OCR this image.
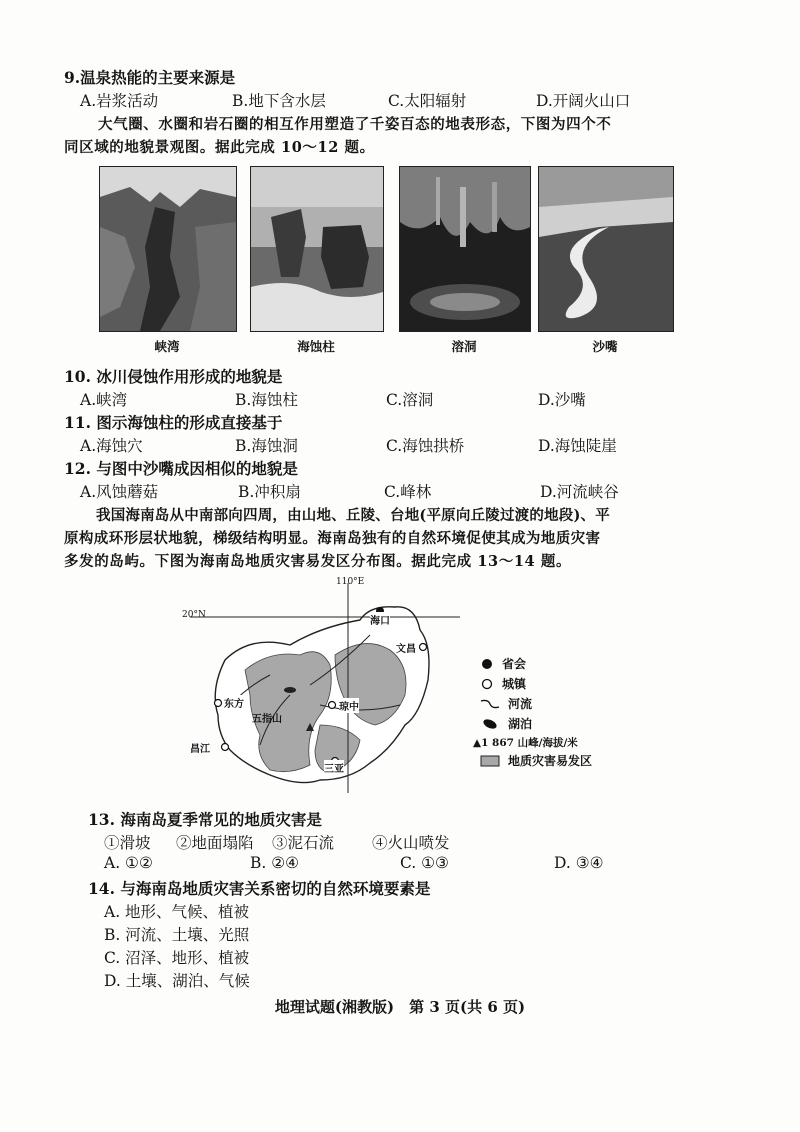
9.温泉热能的主要来源是
A.岩浆活动	B.地下含水层	C.太阳辐射	D.开阔火山口
大气圈、水圈和岩石圈的相互作用塑造了千姿百态的地表形态，下图为四个不
同区域的地貌景观图。据此完成 10～12 题。
峡湾	海蚀柱	溶洞	沙嘴
10. 冰川侵蚀作用形成的地貌是
A.峡湾	B.海蚀柱	C.溶洞	D.沙嘴
11. 图示海蚀柱的形成直接基于
A.海蚀穴	B.海蚀洞	C.海蚀拱桥	D.海蚀陡崖
12. 与图中沙嘴成因相似的地貌是
A.风蚀蘑菇	B.冲积扇	C.峰林	D.河流峡谷
我国海南岛从中南部向四周，由山地、丘陵、台地(平原向丘陵过渡的地段)、平
原构成环形层状地貌，梯级结构明显。海南岛独有的自然环境促使其成为地质灾害
多发的岛屿。下图为海南岛地质灾害易发区分布图。据此完成 13～14 题。
110°E
20°N
海口
文昌
东方	琼中
昌江
三亚
五指山
省会
城镇
河流
湖泊
▲1 867 山峰/海拔/米
地质灾害易发区
13. 海南岛夏季常见的地质灾害是
①滑坡 ②地面塌陷 ③泥石流 ④火山喷发
A. ①②	B. ②④	C. ①③	D. ③④
14. 与海南岛地质灾害关系密切的自然环境要素是
A. 地形、气候、植被
B. 河流、土壤、光照
C. 沼泽、地形、植被
D. 土壤、湖泊、气候
地理试题(湘教版)　第 3 页(共 6 页)
